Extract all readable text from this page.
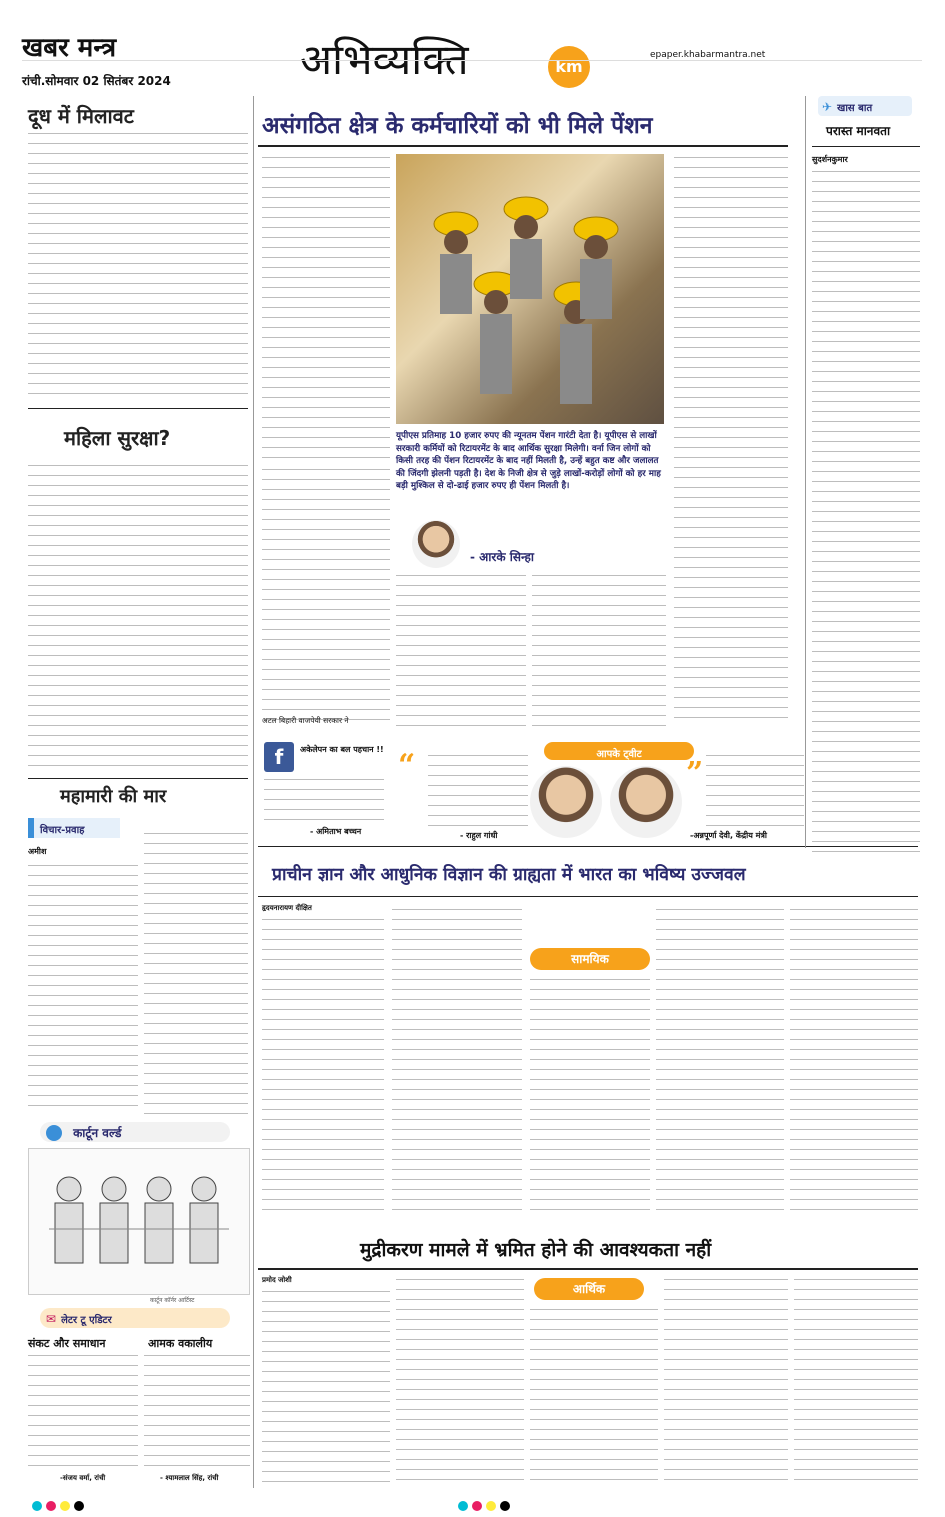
खबर मन्त्र
रांची.सोमवार 02 सितंबर 2024	अभिव्यक्ति	km
epaper.khabarmantra.net
दूध में मिलावट
महिला सुरक्षा?
महामारी की मार
विचार-प्रवाह
अमीश
कार्टून वर्ल्ड
कार्टून कॉर्नर आर्टिस्ट
असंगठित क्षेत्र के कर्मचारियों को भी मिले पेंशन
यूपीएस प्रतिमाह 10 हजार रुपए की न्यूनतम पेंशन गारंटी देता है। यूपीएस से लाखों सरकारी कर्मियों को रिटायरमेंट के बाद आर्थिक सुरक्षा मिलेगी। वर्ना जिन लोगों को किसी तरह की पेंशन रिटायरमेंट के बाद नहीं मिलती है, उन्हें बहुत कष्ट और जलालत की जिंदगी झेलनी पड़ती है। देश के निजी क्षेत्र से जुड़े लाखों-करोड़ों लोगों को हर माह बड़ी मुश्किल से दो-ढाई हजार रुपए ही पेंशन मिलती है।
- आरके सिन्हा
अटल बिहारी वाजपेयी सरकार ने
✈ खास बात
परास्त मानवता
सुदर्शनकुमार
f	अकेलेपन का बल पहचान !!
- अमिताभ बच्चन
आपके ट्वीट
“
- राहुल गांधी
”
-अन्नपूर्णा देवी, केंद्रीय मंत्री
प्राचीन ज्ञान और आधुनिक विज्ञान की ग्राह्यता में भारत का भविष्य उज्जवल
हृदयनारायण दीक्षित
सामयिक
मुद्रीकरण मामले में भ्रमित होने की आवश्यकता नहीं
प्रमोद जोशी
आर्थिक
✉ लेटर टू एडिटर
संकट और समाधान
-संजय वर्मा, रांची
आमक वकालीय
- श्यामलाल सिंह, रांची
